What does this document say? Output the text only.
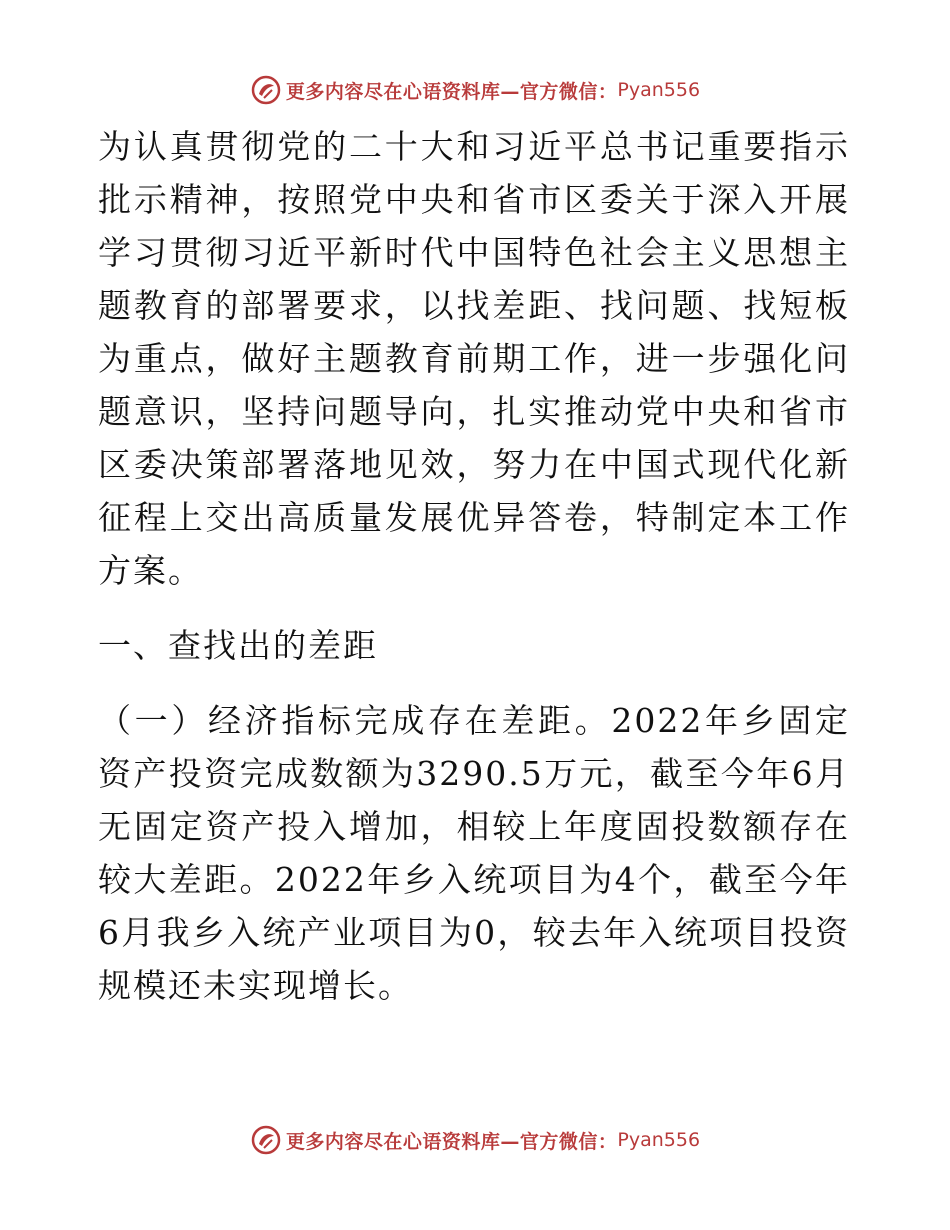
更多内容尽在心语资料库—官方微信： Pyan556

为认真贯彻党的二十大和习近平总书记重要指示批示精神，按照党中央和省市区委关于深入开展学习贯彻习近平新时代中国特色社会主义思想主题教育的部署要求，以找差距、找问题、找短板为重点，做好主题教育前期工作，进一步强化问题意识，坚持问题导向，扎实推动党中央和省市区委决策部署落地见效，努力在中国式现代化新征程上交出高质量发展优异答卷，特制定本工作方案。

一、查找出的差距

（一）经济指标完成存在差距。2022年乡固定资产投资完成数额为3290.5万元，截至今年6月无固定资产投入增加，相较上年度固投数额存在较大差距。2022年乡入统项目为4个，截至今年6月我乡入统产业项目为0，较去年入统项目投资规模还未实现增长。

更多内容尽在心语资料库—官方微信： Pyan556
